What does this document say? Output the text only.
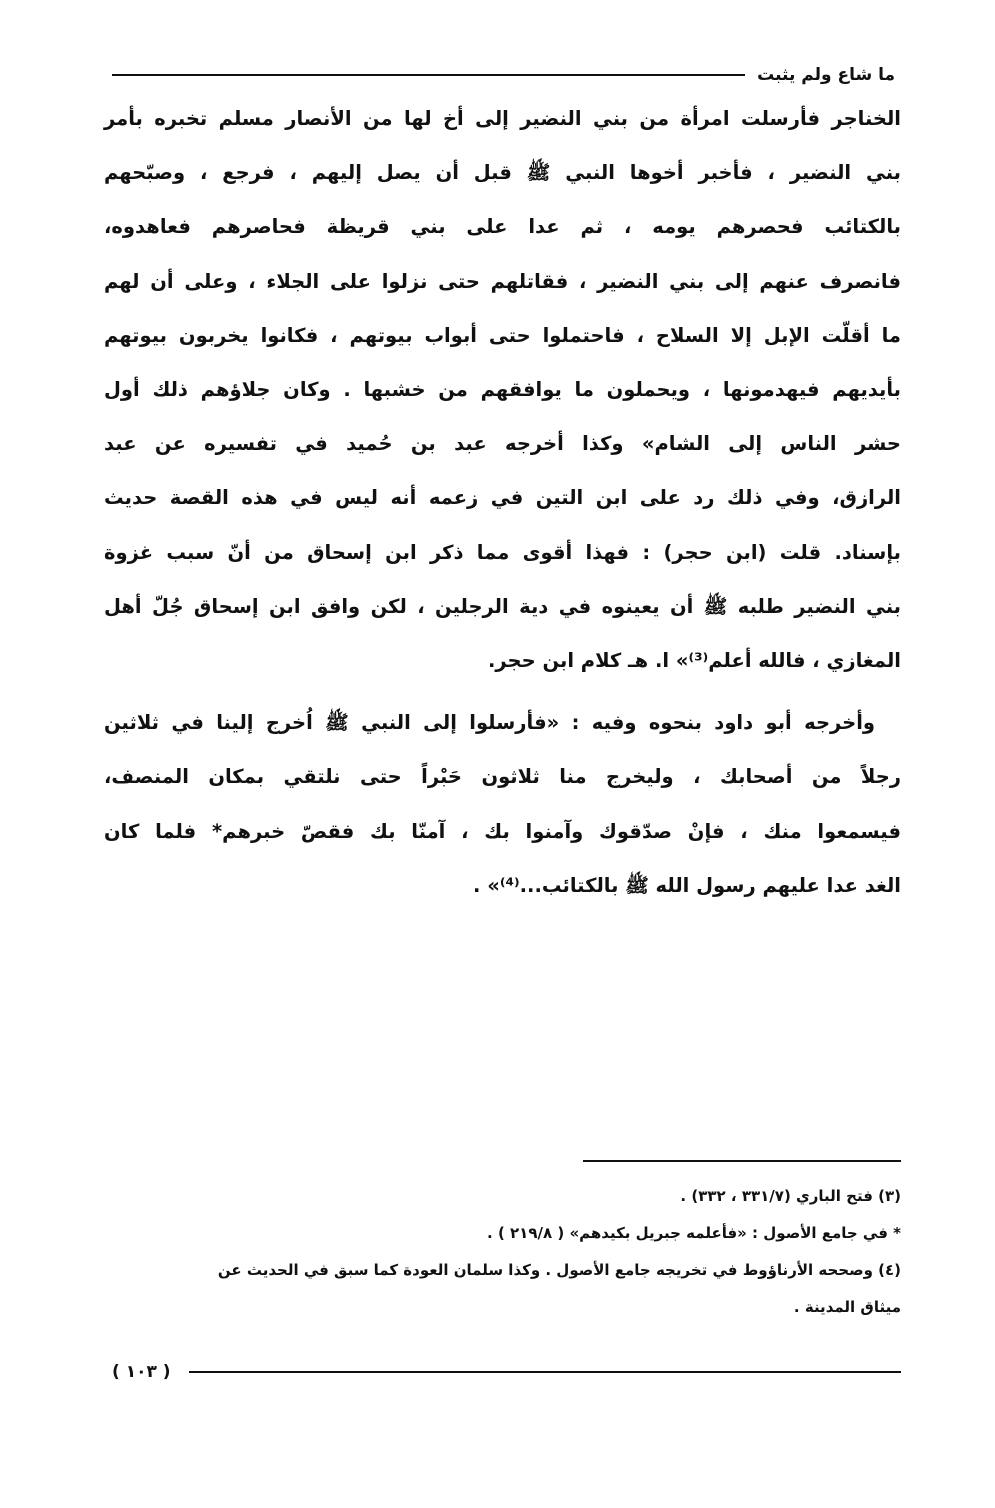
ما شاع ولم يثبت

الخناجر فأرسلت امرأة من بني النضير إلى أخ لها من الأنصار مسلم تخبره بأمر

بني النضير ، فأخبر أخوها النبي ﷺ قبل أن يصل إليهم ، فرجع ، وصبّحهم

بالكتائب فحصرهم يومه ، ثم عدا على بني قريظة فحاصرهم فعاهدوه،

فانصرف عنهم إلى بني النضير ، فقاتلهم حتى نزلوا على الجلاء ، وعلى أن لهم

ما أقلّت الإبل إلا السلاح ، فاحتملوا حتى أبواب بيوتهم ، فكانوا يخربون بيوتهم

بأيديهم فيهدمونها ، ويحملون ما يوافقهم من خشبها . وكان جلاؤهم ذلك أول

حشر الناس إلى الشام» وكذا أخرجه عبد بن حُميد في تفسيره عن عبد

الرازق، وفي ذلك رد على ابن التين في زعمه أنه ليس في هذه القصة حديث

بإسناد. قلت (ابن حجر) : فهذا أقوى مما ذكر ابن إسحاق من أنّ سبب غزوة

بني النضير طلبه ﷺ أن يعينوه في دية الرجلين ، لكن وافق ابن إسحاق جُلّ أهل

المغازي ، فالله أعلم⁽³⁾» ا. هـ كلام ابن حجر.

وأخرجه أبو داود بنحوه وفيه : «فأرسلوا إلى النبي ﷺ اُخرج إلينا في ثلاثين

رجلاً من أصحابك ، وليخرج منا ثلاثون حَبْراً حتى نلتقي بمكان المنصف،

فيسمعوا منك ، فإنْ صدّقوك وآمنوا بك ، آمنّا بك فقصّ خبرهم* فلما كان

الغد عدا عليهم رسول الله ﷺ بالكتائب...⁽⁴⁾» .

(٣) فتح الباري (٣٣١/٧ ، ٣٣٢) .

* في جامع الأصول : «فأعلمه جبريل بكيدهم» ( ٢١٩/٨ ) .

(٤) وصححه الأرناؤوط في تخريجه جامع الأصول . وكذا سلمان العودة كما سبق في الحديث عن

ميثاق المدينة .

( ١٠٣ )
